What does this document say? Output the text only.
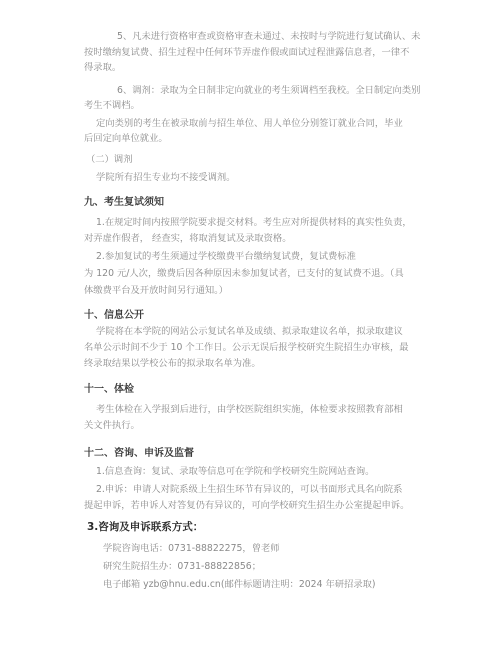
5、凡未进行资格审查或资格审查未通过、未按时与学院进行复试确认、未
按时缴纳复试费、招生过程中任何环节弄虚作假或面试过程泄露信息者，一律不
得录取。
6、调剂：录取为全日制非定向就业的考生须调档至我校。全日制定向类别
考生不调档。
定向类别的考生在被录取前与招生单位、用人单位分别签订就业合同，毕业
后回定向单位就业。
（二）调剂
学院所有招生专业均不接受调剂。
九、考生复试须知
1.在规定时间内按照学院要求提交材料。考生应对所提供材料的真实性负责，
对弄虚作假者， 经查实，将取消复试及录取资格。
2.参加复试的考生须通过学校缴费平台缴纳复试费，复试费标准
为 120 元/人次，缴费后因各种原因未参加复试者，已支付的复试费不退。（具
体缴费平台及开放时间另行通知。）
十、信息公开
学院将在本学院的网站公示复试名单及成绩、拟录取建议名单，拟录取建议
名单公示时间不少于 10 个工作日。公示无误后报学校研究生院招生办审核，最
终录取结果以学校公布的拟录取名单为准。
十一、体检
考生体检在入学报到后进行，由学校医院组织实施，体检要求按照教育部相
关文件执行。
十二、咨询、申诉及监督
1.信息查询：复试、录取等信息可在学院和学校研究生院网站查询。
2.申诉：申请人对院系级上生招生环节有异议的，可以书面形式具名向院系
提起申诉，若申诉人对答复仍有异议的，可向学校研究生招生办公室提起申诉。
3.咨询及申诉联系方式：
学院咨询电话：0731-88822275，曾老师
研究生院招生办：0731-88822856；
电子邮箱 yzb@hnu.edu.cn(邮件标题请注明：2024 年研招录取)
